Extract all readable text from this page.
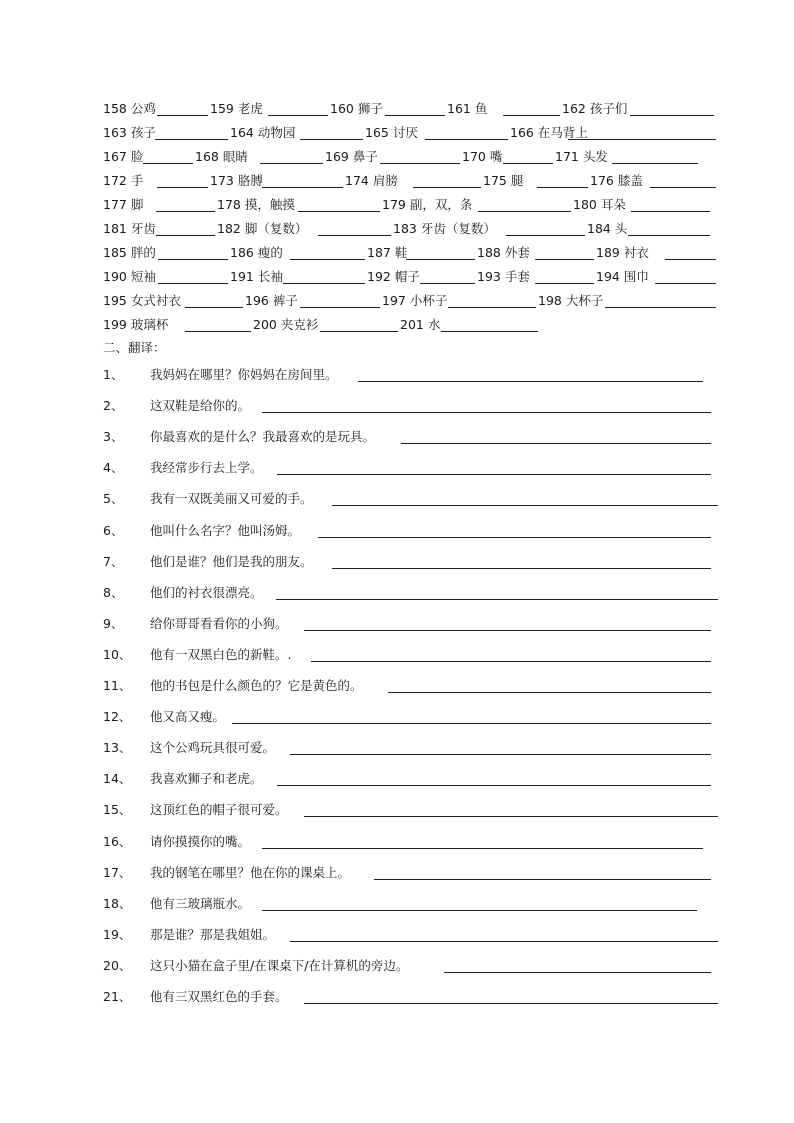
158 公鸡	159 老虎	160 狮子	161 鱼	162 孩子们
163 孩子	164 动物园	165 讨厌	166 在马背上
167 脸	168 眼睛	169 鼻子	170 嘴	171 头发
172 手	173 胳膊	174 肩膀	175 腿	176 膝盖
177 脚	178 摸，触摸	179 副，双，条	180 耳朵
181 牙齿	182 脚（复数）	183 牙齿（复数）	184 头
185 胖的	186 瘦的	187 鞋	188 外套	189 衬衣
190 短袖	191 长袖	192 帽子	193 手套	194 围巾
195 女式衬衣	196 裤子	197 小杯子	198 大杯子
199 玻璃杯	200 夹克衫	201 水
二、翻译：
1、 我妈妈在哪里？你妈妈在房间里。
2、 这双鞋是给你的。
3、 你最喜欢的是什么？我最喜欢的是玩具。
4、 我经常步行去上学。
5、 我有一双既美丽又可爱的手。
6、 他叫什么名字？他叫汤姆。
7、 他们是谁？他们是我的朋友。
8、 他们的衬衣很漂亮。
9、 给你哥哥看看你的小狗。
10、 他有一双黑白色的新鞋。.
11、 他的书包是什么颜色的？它是黄色的。
12、 他又高又瘦。
13、 这个公鸡玩具很可爱。
14、 我喜欢狮子和老虎。
15、 这顶红色的帽子很可爱。
16、 请你摸摸你的嘴。
17、 我的钢笔在哪里？他在你的课桌上。
18、 他有三玻璃瓶水。
19、 那是谁？那是我姐姐。
20、 这只小猫在盒子里/在课桌下/在计算机的旁边。
21、 他有三双黑红色的手套。
